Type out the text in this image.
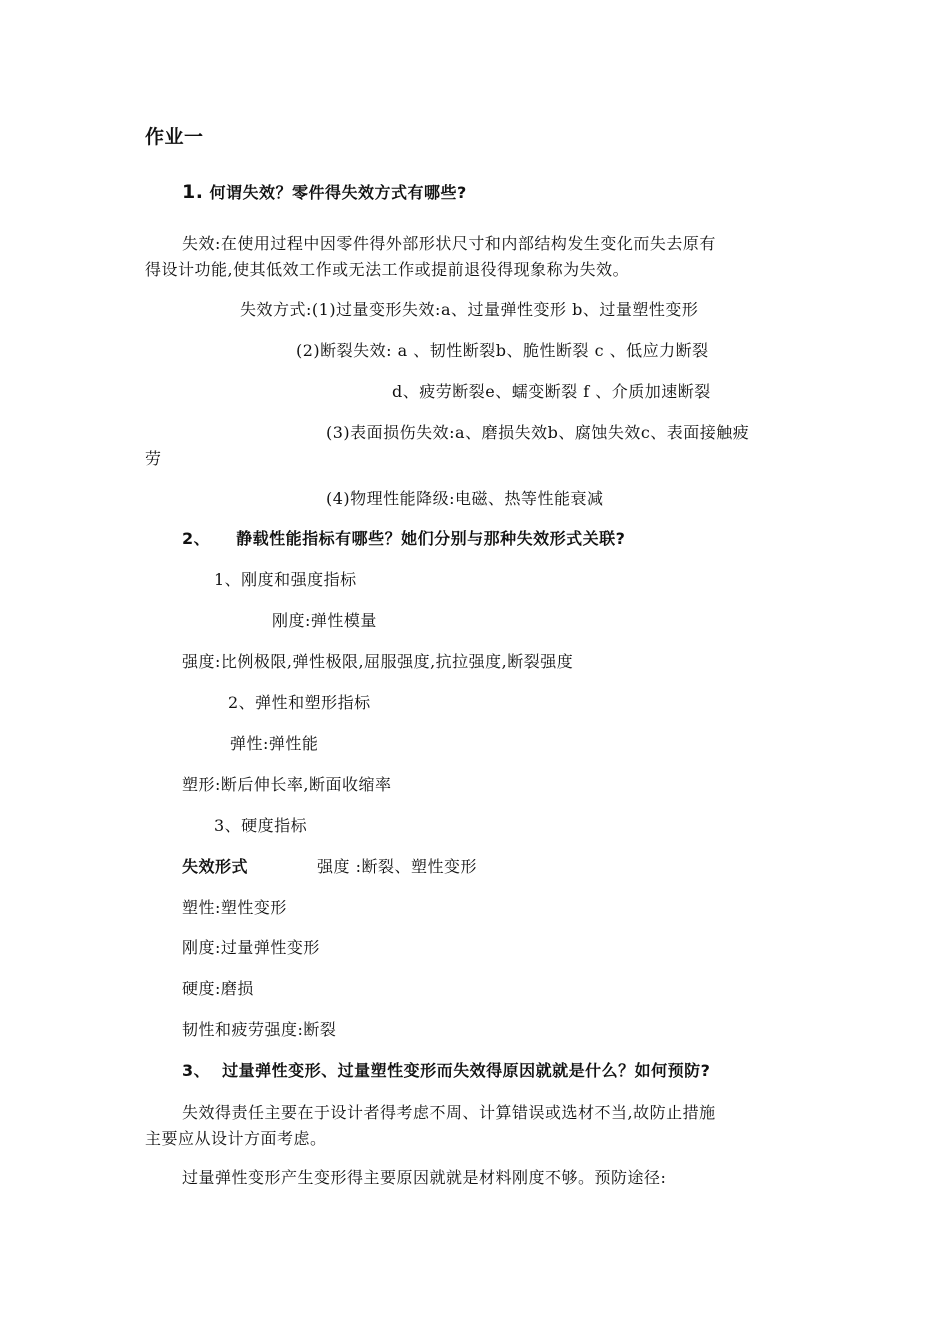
作业一
1. 何谓失效？零件得失效方式有哪些?
失效:在使用过程中因零件得外部形状尺寸和内部结构发生变化而失去原有
得设计功能,使其低效工作或无法工作或提前退役得现象称为失效。
失效方式:(1)过量变形失效:a、过量弹性变形 b、过量塑性变形
(2)断裂失效: a 、韧性断裂b、脆性断裂 c 、低应力断裂
d、疲劳断裂e、蠕变断裂 f 、介质加速断裂
(3)表面损伤失效:a、磨损失效b、腐蚀失效c、表面接触疲
劳
(4)物理性能降级:电磁、热等性能衰减
2、 静载性能指标有哪些？她们分别与那种失效形式关联?
1、刚度和强度指标
刚度:弹性模量
强度:比例极限,弹性极限,屈服强度,抗拉强度,断裂强度
2、弹性和塑形指标
弹性:弹性能
塑形:断后伸长率,断面收缩率
3、硬度指标
失效形式	强度 :断裂、塑性变形
塑性:塑性变形
刚度:过量弹性变形
硬度:磨损
韧性和疲劳强度:断裂
3、 过量弹性变形、过量塑性变形而失效得原因就就是什么？如何预防?
失效得责任主要在于设计者得考虑不周、计算错误或选材不当,故防止措施
主要应从设计方面考虑。
过量弹性变形产生变形得主要原因就就是材料刚度不够。预防途径:
